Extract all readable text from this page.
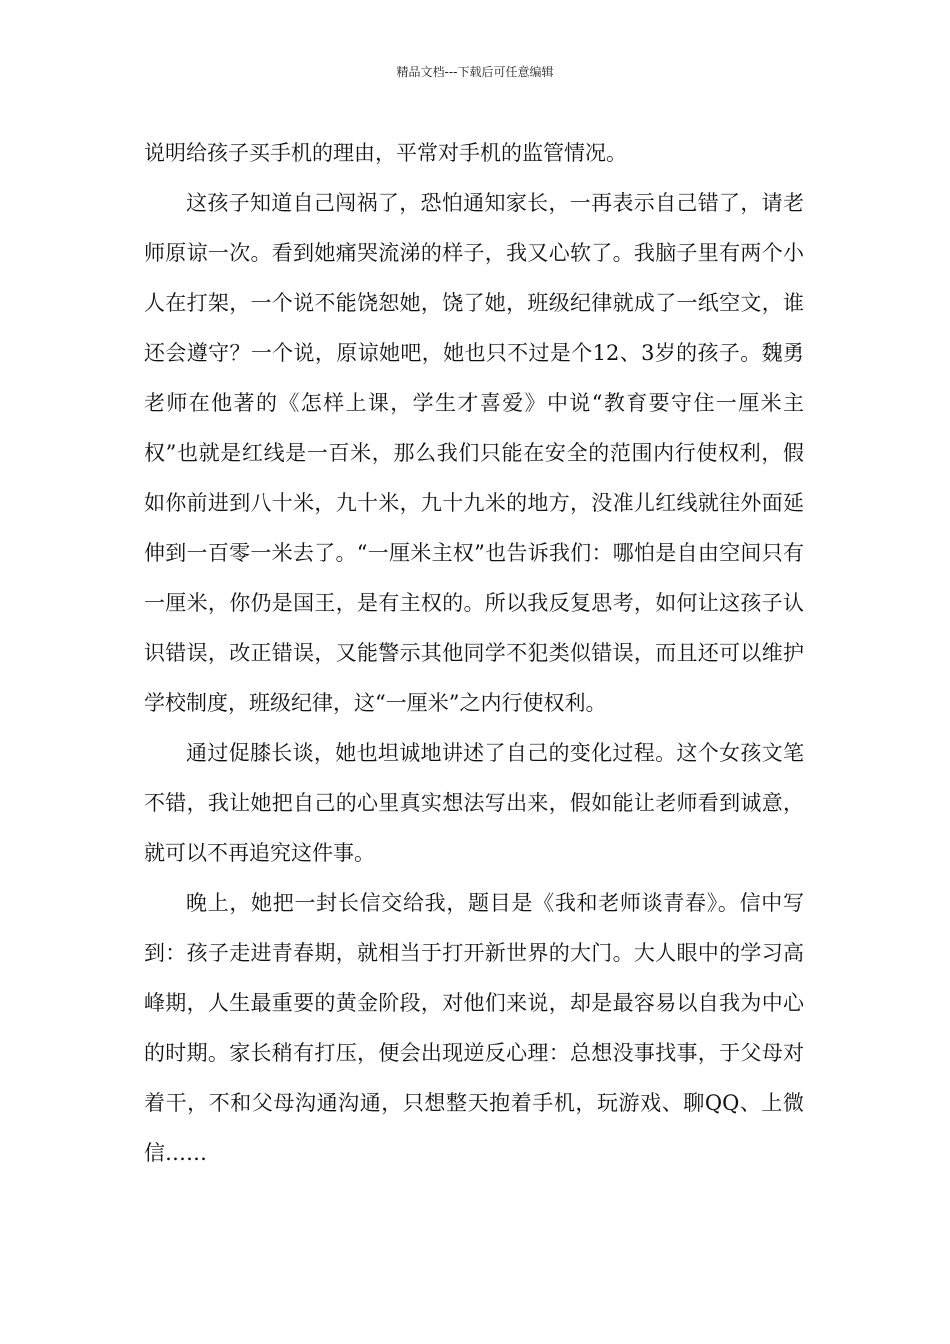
精品文档---下载后可任意编辑

说明给孩子买手机的理由，平常对手机的监管情况。

这孩子知道自己闯祸了，恐怕通知家长，一再表示自己错了，请老师原谅一次。看到她痛哭流涕的样子，我又心软了。我脑子里有两个小人在打架，一个说不能饶恕她，饶了她，班级纪律就成了一纸空文，谁还会遵守？一个说，原谅她吧，她也只不过是个12、3岁的孩子。魏勇老师在他著的《怎样上课，学生才喜爱》中说“教育要守住一厘米主权”也就是红线是一百米，那么我们只能在安全的范围内行使权利，假如你前进到八十米，九十米，九十九米的地方，没准儿红线就往外面延伸到一百零一米去了。“一厘米主权”也告诉我们：哪怕是自由空间只有一厘米，你仍是国王，是有主权的。所以我反复思考，如何让这孩子认识错误，改正错误，又能警示其他同学不犯类似错误，而且还可以维护学校制度，班级纪律，这“一厘米”之内行使权利。

通过促膝长谈，她也坦诚地讲述了自己的变化过程。这个女孩文笔不错，我让她把自己的心里真实想法写出来，假如能让老师看到诚意，就可以不再追究这件事。

晚上，她把一封长信交给我，题目是《我和老师谈青春》。信中写到：孩子走进青春期，就相当于打开新世界的大门。大人眼中的学习高峰期，人生最重要的黄金阶段，对他们来说，却是最容易以自我为中心的时期。家长稍有打压，便会出现逆反心理：总想没事找事，于父母对着干，不和父母沟通沟通，只想整天抱着手机，玩游戏、聊QQ、上微信……
